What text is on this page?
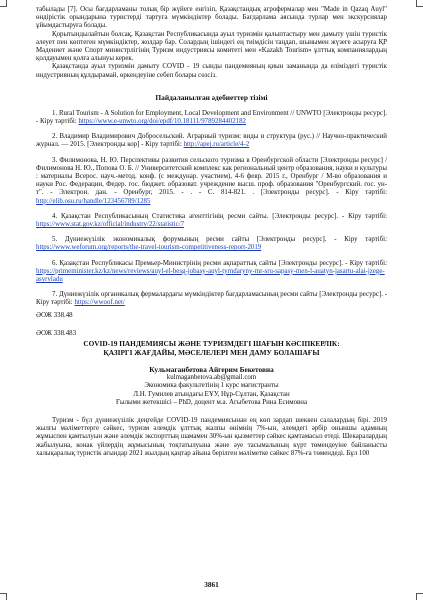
табылады [7]. Осы бағдарламаны толық бір жүйеге енгізіп, Қазақстандық агрофермалар мен "Made in Qazaq Auyl" өндірістік орындарына туристерді тартуға мүмкіндіктер болады. Бағдарлама аясында турлар мен экскурсиялар ұйымдастыруға болады.

Қорытындылайтын болсақ, Қазақстан Республикасында ауыл туризмін қалыптастыру мен дамыту үшін туристік әлеует пен көптеген мүмкіндіктер, жолдар бар. Солардың ішіндегі ең тиімдісін таңдап, шынымен жүзеге асыруға ҚР Мәдениет және Спорт министрлігінің Туризм индустриясы комитеті мен «Kazakh Tourism» ұлттық компаниялардың қолдауымен қолға алынуы керек.

Қазақстанда ауыл туризмін дамыту COVID - 19 сынды пандемияның қиын заманында да еліміздегі туристік индустрияның құлдырамай, өркендеуіне себеп болары сөзсіз.

Пайдаланылған әдебиеттер тізімі

1. Rural Tourism - A Solution for Employment, Local Development and Environment // UNWTO [Электронды ресурс]. - Кіру тәртібі: https://www.e-unwto.org/doi/epdf/10.18111/9789284402182

2. Владимир Владимирович Добросельский. Аграрный туризм: виды и структура (рус.) // Научно-практический журнал. — 2015. [Электронды кор] - Кіру тәртібі: http://apej.ru/article/4-2

3. Филимонова, Н. Ю. Перспективы развития сельского туризма в Оренбургской области [Электронды ресурс] / Филимонова Н. Ю., Попова О. Б. // Университетский комплекс как региональный центр образования, науки и культуры : материалы Всерос. науч.-метод. конф. (с междунар. участием), 4-6 февр. 2015 г., Оренбург / М-во образования и науки Рос. Федерации, Федер. гос. бюджет. образоват. учреждение высш. проф. образования "Оренбургский. гос. ун-т". - Электрон. дан. - Оренбург, 2015. - . - С. 814-821. . [Электронды ресурс]. - Кіру тәртібі: http://elib.osu.ru/handle/123456789/1285

4. Қазақстан Республикасының Статистика агенттігінің ресми сайты. [Электронды ресурс]. - Кіру тәртібі: https://www.stat.gov.kz/official/industry/22/statistic/7

5. Дүниежүзілік экономикалық форумының ресми сайты [Электронды ресурс]. - Кіру тәртібі: https://www.weforum.org/reports/the-travel-tourism-competitiveness-report-2019

6. Қазақстан Республикасы Премьер-Министрінің ресми ақпараттық сайты [Электронды ресурс]. - Кіру тәртібі: https://primeminister.kz/kz/news/reviews/auyl-el-besg-jobasy-auyl-tyrndaryny-mr-sru-sapasy-men-l-auatyn-jasartu-alai-jzege-asyryladu

7. Дүниежүзілік органикалық фермалардағы мүмкіндіктер бағдарламасының ресми сайты [Электронды ресурс]. - Кіру тәртібі: https://wwoof.net/

ӘОЖ 338.48

ӘОЖ 338.483

COVID-19 ПАНДЕМИЯСЫ ЖӘНЕ ТУРИЗМДЕГІ ШАҒЫН КӘСІПКЕРЛІК:
ҚАЗІРГІ ЖАҒДАЙЫ, МӘСЕЛЕЛЕРІ МЕН ДАМУ БОЛАШАҒЫ
Кульмаганбетова Айгерим Бекетовна

kulmaganbetova.ab@gmail.com

Экономика факультетінің 1 курс магистранты

Л.Н. Гумилев атындағы ЕҰУ, Нұр-Сұлтан, Қазақстан

Ғылыми жетекшісі – PhD, доцент м.а. Агыбетова Рина Есимовна

Туризм - бүл дүниежүзілік деңгейде COVID-19 пандемиясынан ең көп зардап шеккен салалардың бірі. 2019 жылғы мәліметтерге сәйкес, туризм әлемдік ұлттық жалпы өнімнің 7%-ын, әлемдегі әрбір оныншы адамның жұмыспен қамтылуын және әлемдік экспорттың шамамен 30%-ын қызметтер сәйкес қамтамасыз етеді. Шекаралардың жабылуына, конак үйлердің жұмысының тоқтатылуына және әуе тасымалының күрт төмендеуіне байланысты халықаралық туристік ағындар 2021 жылдың қаңтар айына берілген мәліметке сәйкес 87%-ға төмендеді. Бұл 100

3861
